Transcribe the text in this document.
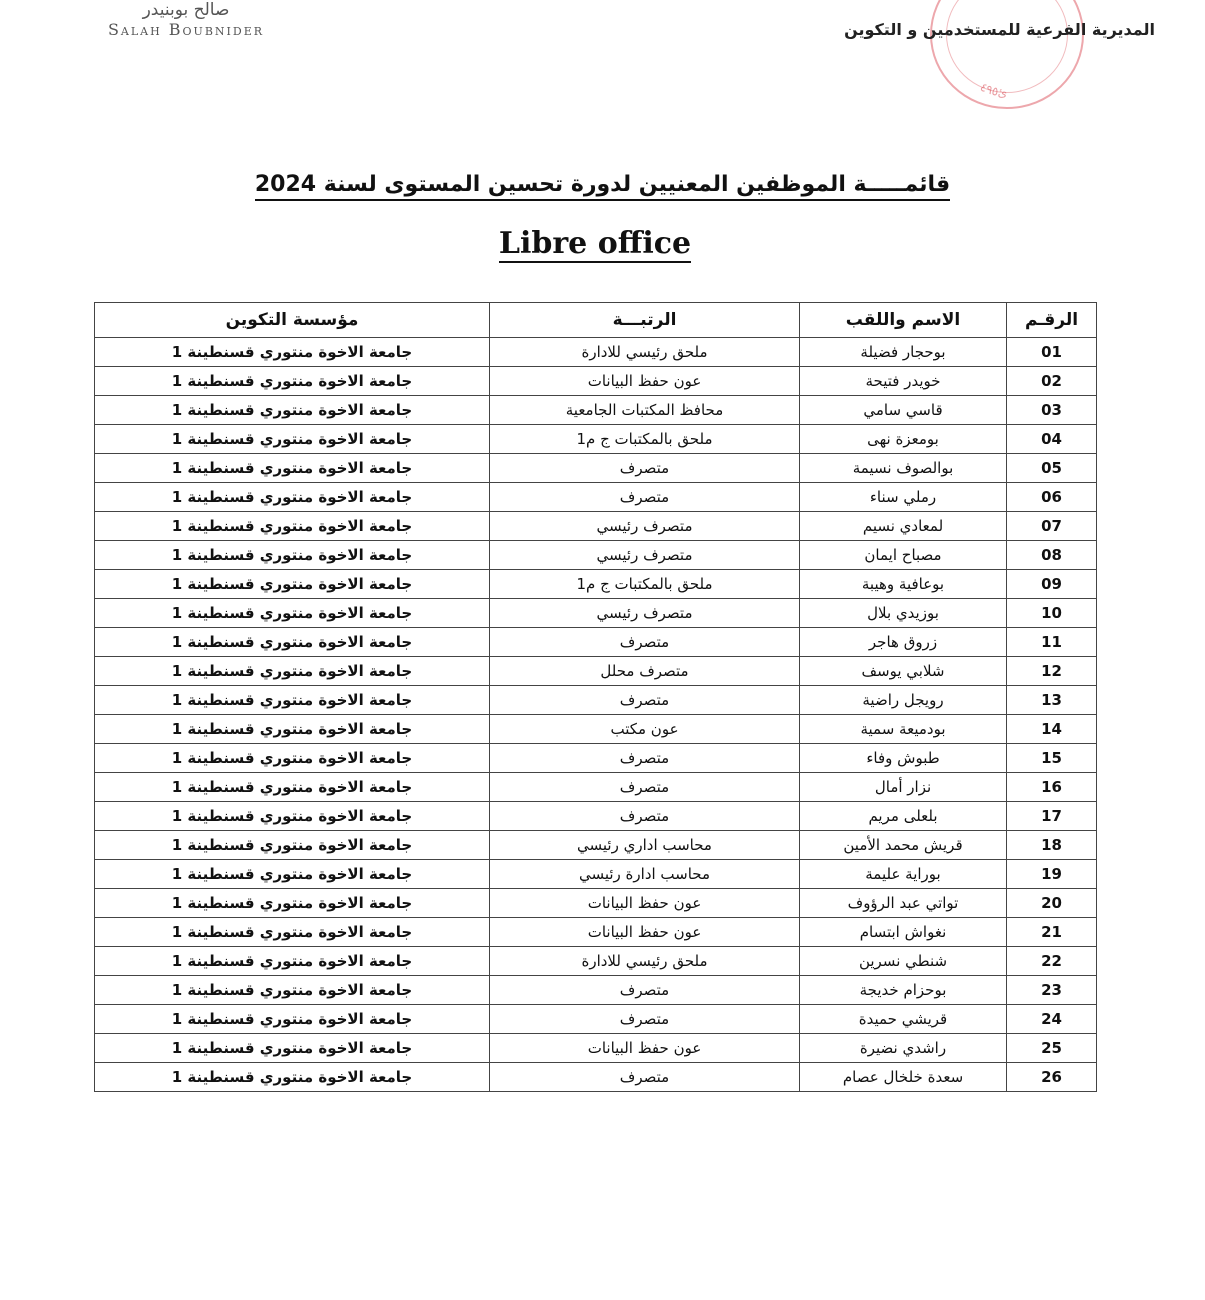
صالح بوبنيدر
Salah Boubnider
ئ٤٩٥
المديرية الفرعية للمستخدمين و التكوين
قائمـــــة الموظفين المعنيين لدورة تحسين المستوى لسنة 2024
Libre office
الرقـم	الاسم واللقب	الرتبـــة	مؤسسة التكوين
01	بوحجار فضيلة	ملحق رئيسي للادارة	جامعة الاخوة منتوري قسنطينة 1
02	خويدر فتيحة	عون حفظ البيانات	جامعة الاخوة منتوري قسنطينة 1
03	قاسي سامي	محافظ المكتبات الجامعية	جامعة الاخوة منتوري قسنطينة 1
04	بومعزة نهى	ملحق بالمكتبات ج م1	جامعة الاخوة منتوري قسنطينة 1
05	بوالصوف نسيمة	متصرف	جامعة الاخوة منتوري قسنطينة 1
06	رملي سناء	متصرف	جامعة الاخوة منتوري قسنطينة 1
07	لمعادي نسيم	متصرف رئيسي	جامعة الاخوة منتوري قسنطينة 1
08	مصباح ايمان	متصرف رئيسي	جامعة الاخوة منتوري قسنطينة 1
09	بوعافية وهيبة	ملحق بالمكتبات ج م1	جامعة الاخوة منتوري قسنطينة 1
10	بوزيدي بلال	متصرف رئيسي	جامعة الاخوة منتوري قسنطينة 1
11	زروق هاجر	متصرف	جامعة الاخوة منتوري قسنطينة 1
12	شلابي يوسف	متصرف محلل	جامعة الاخوة منتوري قسنطينة 1
13	رويجل راضية	متصرف	جامعة الاخوة منتوري قسنطينة 1
14	بودميعة سمية	عون مكتب	جامعة الاخوة منتوري قسنطينة 1
15	طبوش وفاء	متصرف	جامعة الاخوة منتوري قسنطينة 1
16	نزار أمال	متصرف	جامعة الاخوة منتوري قسنطينة 1
17	بلعلى مريم	متصرف	جامعة الاخوة منتوري قسنطينة 1
18	قريش محمد الأمين	محاسب اداري رئيسي	جامعة الاخوة منتوري قسنطينة 1
19	بوراية عليمة	محاسب ادارة رئيسي	جامعة الاخوة منتوري قسنطينة 1
20	تواتي عبد الرؤوف	عون حفظ البيانات	جامعة الاخوة منتوري قسنطينة 1
21	نغواش ابتسام	عون حفظ البيانات	جامعة الاخوة منتوري قسنطينة 1
22	شنطي نسرين	ملحق رئيسي للادارة	جامعة الاخوة منتوري قسنطينة 1
23	بوحزام خديجة	متصرف	جامعة الاخوة منتوري قسنطينة 1
24	قريشي حميدة	متصرف	جامعة الاخوة منتوري قسنطينة 1
25	راشدي نضيرة	عون حفظ البيانات	جامعة الاخوة منتوري قسنطينة 1
26	سعدة خلخال عصام	متصرف	جامعة الاخوة منتوري قسنطينة 1
